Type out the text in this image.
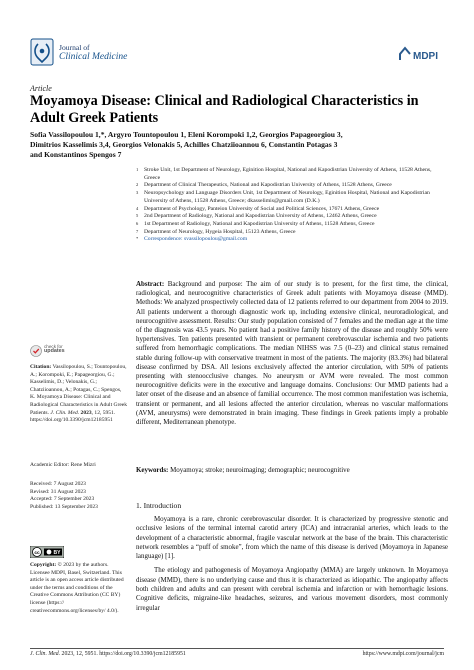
Journal of
Clinical Medicine	MDPI
Article
Moyamoya Disease: Clinical and Radiological Characteristics in Adult Greek Patients
Sofia Vassilopoulou 1,*, Argyro Tountopoulou 1, Eleni Korompoki 1,2, Georgios Papageorgiou 3,
Dimitrios Kasselimis 3,4, Georgios Velonakis 5, Achilles Chatziioannou 6, Constantin Potagas 3
and Konstantinos Spengos 7
1 Stroke Unit, 1st Department of Neurology, Eginition Hospital, National and Kapodistrian University of Athens, 11528 Athens, Greece
2 Department of Clinical Therapeutics, National and Kapodistrian University of Athens, 11528 Athens, Greece
3 Neuropsychology and Language Disorders Unit, 1st Department of Neurology, Eginition Hospital, National and Kapodistrian University of Athens, 11528 Athens, Greece; dkasselimis@gmail.com (D.K.)
4 Department of Psychology, Panteion University of Social and Political Sciences, 17671 Athens, Greece
5 2nd Department of Radiology, National and Kapodistrian University of Athens, 12462 Athens, Greece
6 1st Department of Radiology, National and Kapodistrian University of Athens, 11528 Athens, Greece
7 Department of Neurology, Hygeia Hospital, 15123 Athens, Greece
* Correspondence: svassilopoulou@gmail.com
Abstract: Background and purpose: The aim of our study is to present, for the first time, the clinical, radiological, and neurocognitive characteristics of Greek adult patients with Moyamoya disease (MMD). Methods: We analyzed prospectively collected data of 12 patients referred to our department from 2004 to 2019. All patients underwent a thorough diagnostic work up, including extensive clinical, neuroradiological, and neurocognitive assessment. Results: Our study population consisted of 7 females and the median age at the time of the diagnosis was 43.5 years. No patient had a positive family history of the disease and roughly 50% were hypertensives. Ten patients presented with transient or permanent cerebrovascular ischemia and two patients suffered from hemorrhagic complications. The median NIHSS was 7.5 (0–23) and clinical status remained stable during follow-up with conservative treatment in most of the patients. The majority (83.3%) had bilateral disease confirmed by DSA. All lesions exclusively affected the anterior circulation, with 50% of patients presenting with stenoocclusive changes. No aneurysm or AVM were revealed. The most common neurocognitive deficits were in the executive and language domains. Conclusions: Our MMD patients had a later onset of the disease and an absence of familial occurrence. The most common manifestation was ischemia, transient or permanent, and all lesions affected the anterior circulation, whereas no vascular malformations (AVM, aneurysms) were demonstrated in brain imaging. These findings in Greek patients imply a probable different, Mediterranean phenotype.
Keywords: Moyamoya; stroke; neuroimaging; demographic; neurocognitive
check for
updates
Citation: Vassilopoulou, S.; Tountopoulou, A.; Korompoki, E.; Papageorgiou, G.; Kasselimis, D.; Velonakis, G.; Chatziioannou, A.; Potagas, C.; Spengos, K. Moyamoya Disease: Clinical and Radiological Characteristics in Adult Greek Patients. J. Clin. Med. 2023, 12, 5951. https://doi.org/10.3390/jcm12185951
Academic Editor: Rene Mizri
Received: 7 August 2023
Revised: 31 August 2023
Accepted: 7 September 2023
Published: 13 September 2023
cc	BY
Copyright: © 2023 by the authors. Licensee MDPI, Basel, Switzerland. This article is an open access article distributed under the terms and conditions of the Creative Commons Attribution (CC BY) license (https:// creativecommons.org/licenses/by/ 4.0/).
1. Introduction

Moyamoya is a rare, chronic cerebrovascular disorder. It is characterized by progressive stenotic and occlusive lesions of the terminal internal carotid artery (ICA) and intracranial arteries, which leads to the development of a characteristic abnormal, fragile vascular network at the base of the brain. This characteristic network resembles a “puff of smoke”, from which the name of this disease is derived (Moyamoya in Japanese language) [1].

The etiology and pathogenesis of Moyamoya Angiopathy (MMA) are largely unknown. In Moyamoya disease (MMD), there is no underlying cause and thus it is characterized as idiopathic. The angiopathy affects both children and adults and can present with cerebral ischemia and infarction or with hemorrhagic lesions. Cognitive deficits, migraine-like headaches, seizures, and various movement disorders, most commonly irregular

J. Clin. Med. 2023, 12, 5951. https://doi.org/10.3390/jcm12185951	https://www.mdpi.com/journal/jcm
